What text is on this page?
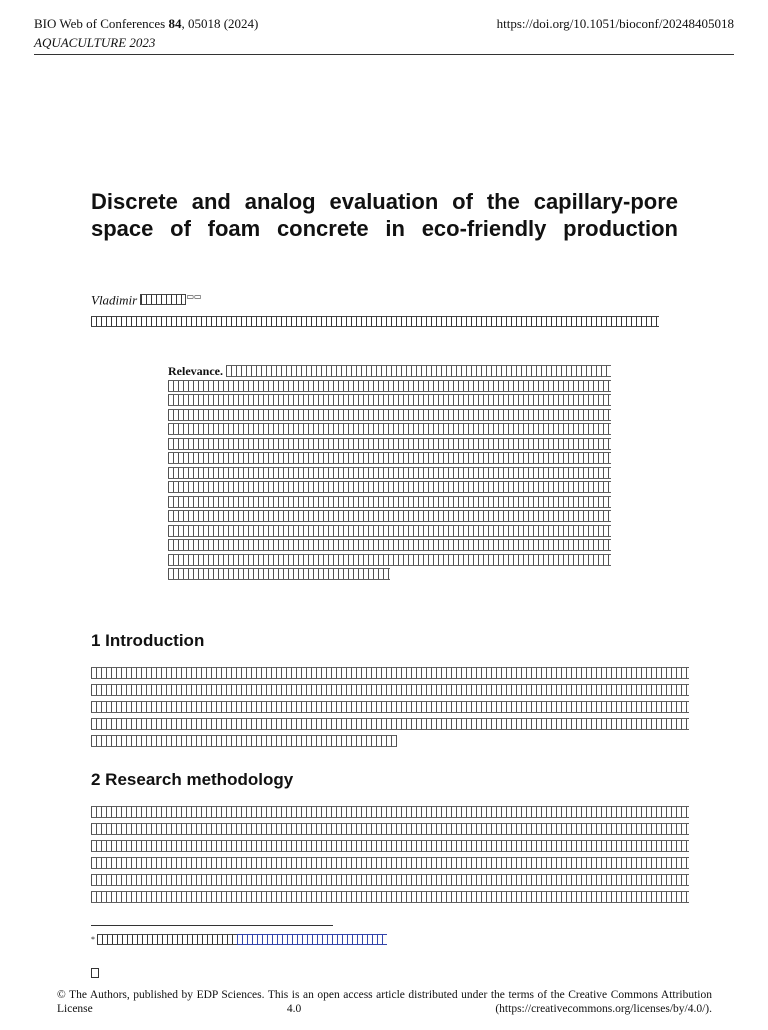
BIO Web of Conferences 84, 05018 (2024)
AQUACULTURE 2023
https://doi.org/10.1051/bioconf/20248405018
Discrete and analog evaluation of the capillary-pore space of foam concrete in eco-friendly production
Vladimir	▭▭
Relevance.
1 Introduction
2 Research methodology
*
© The Authors, published by EDP Sciences. This is an open access article distributed under the terms of the Creative Commons Attribution License 4.0 (https://creativecommons.org/licenses/by/4.0/).
